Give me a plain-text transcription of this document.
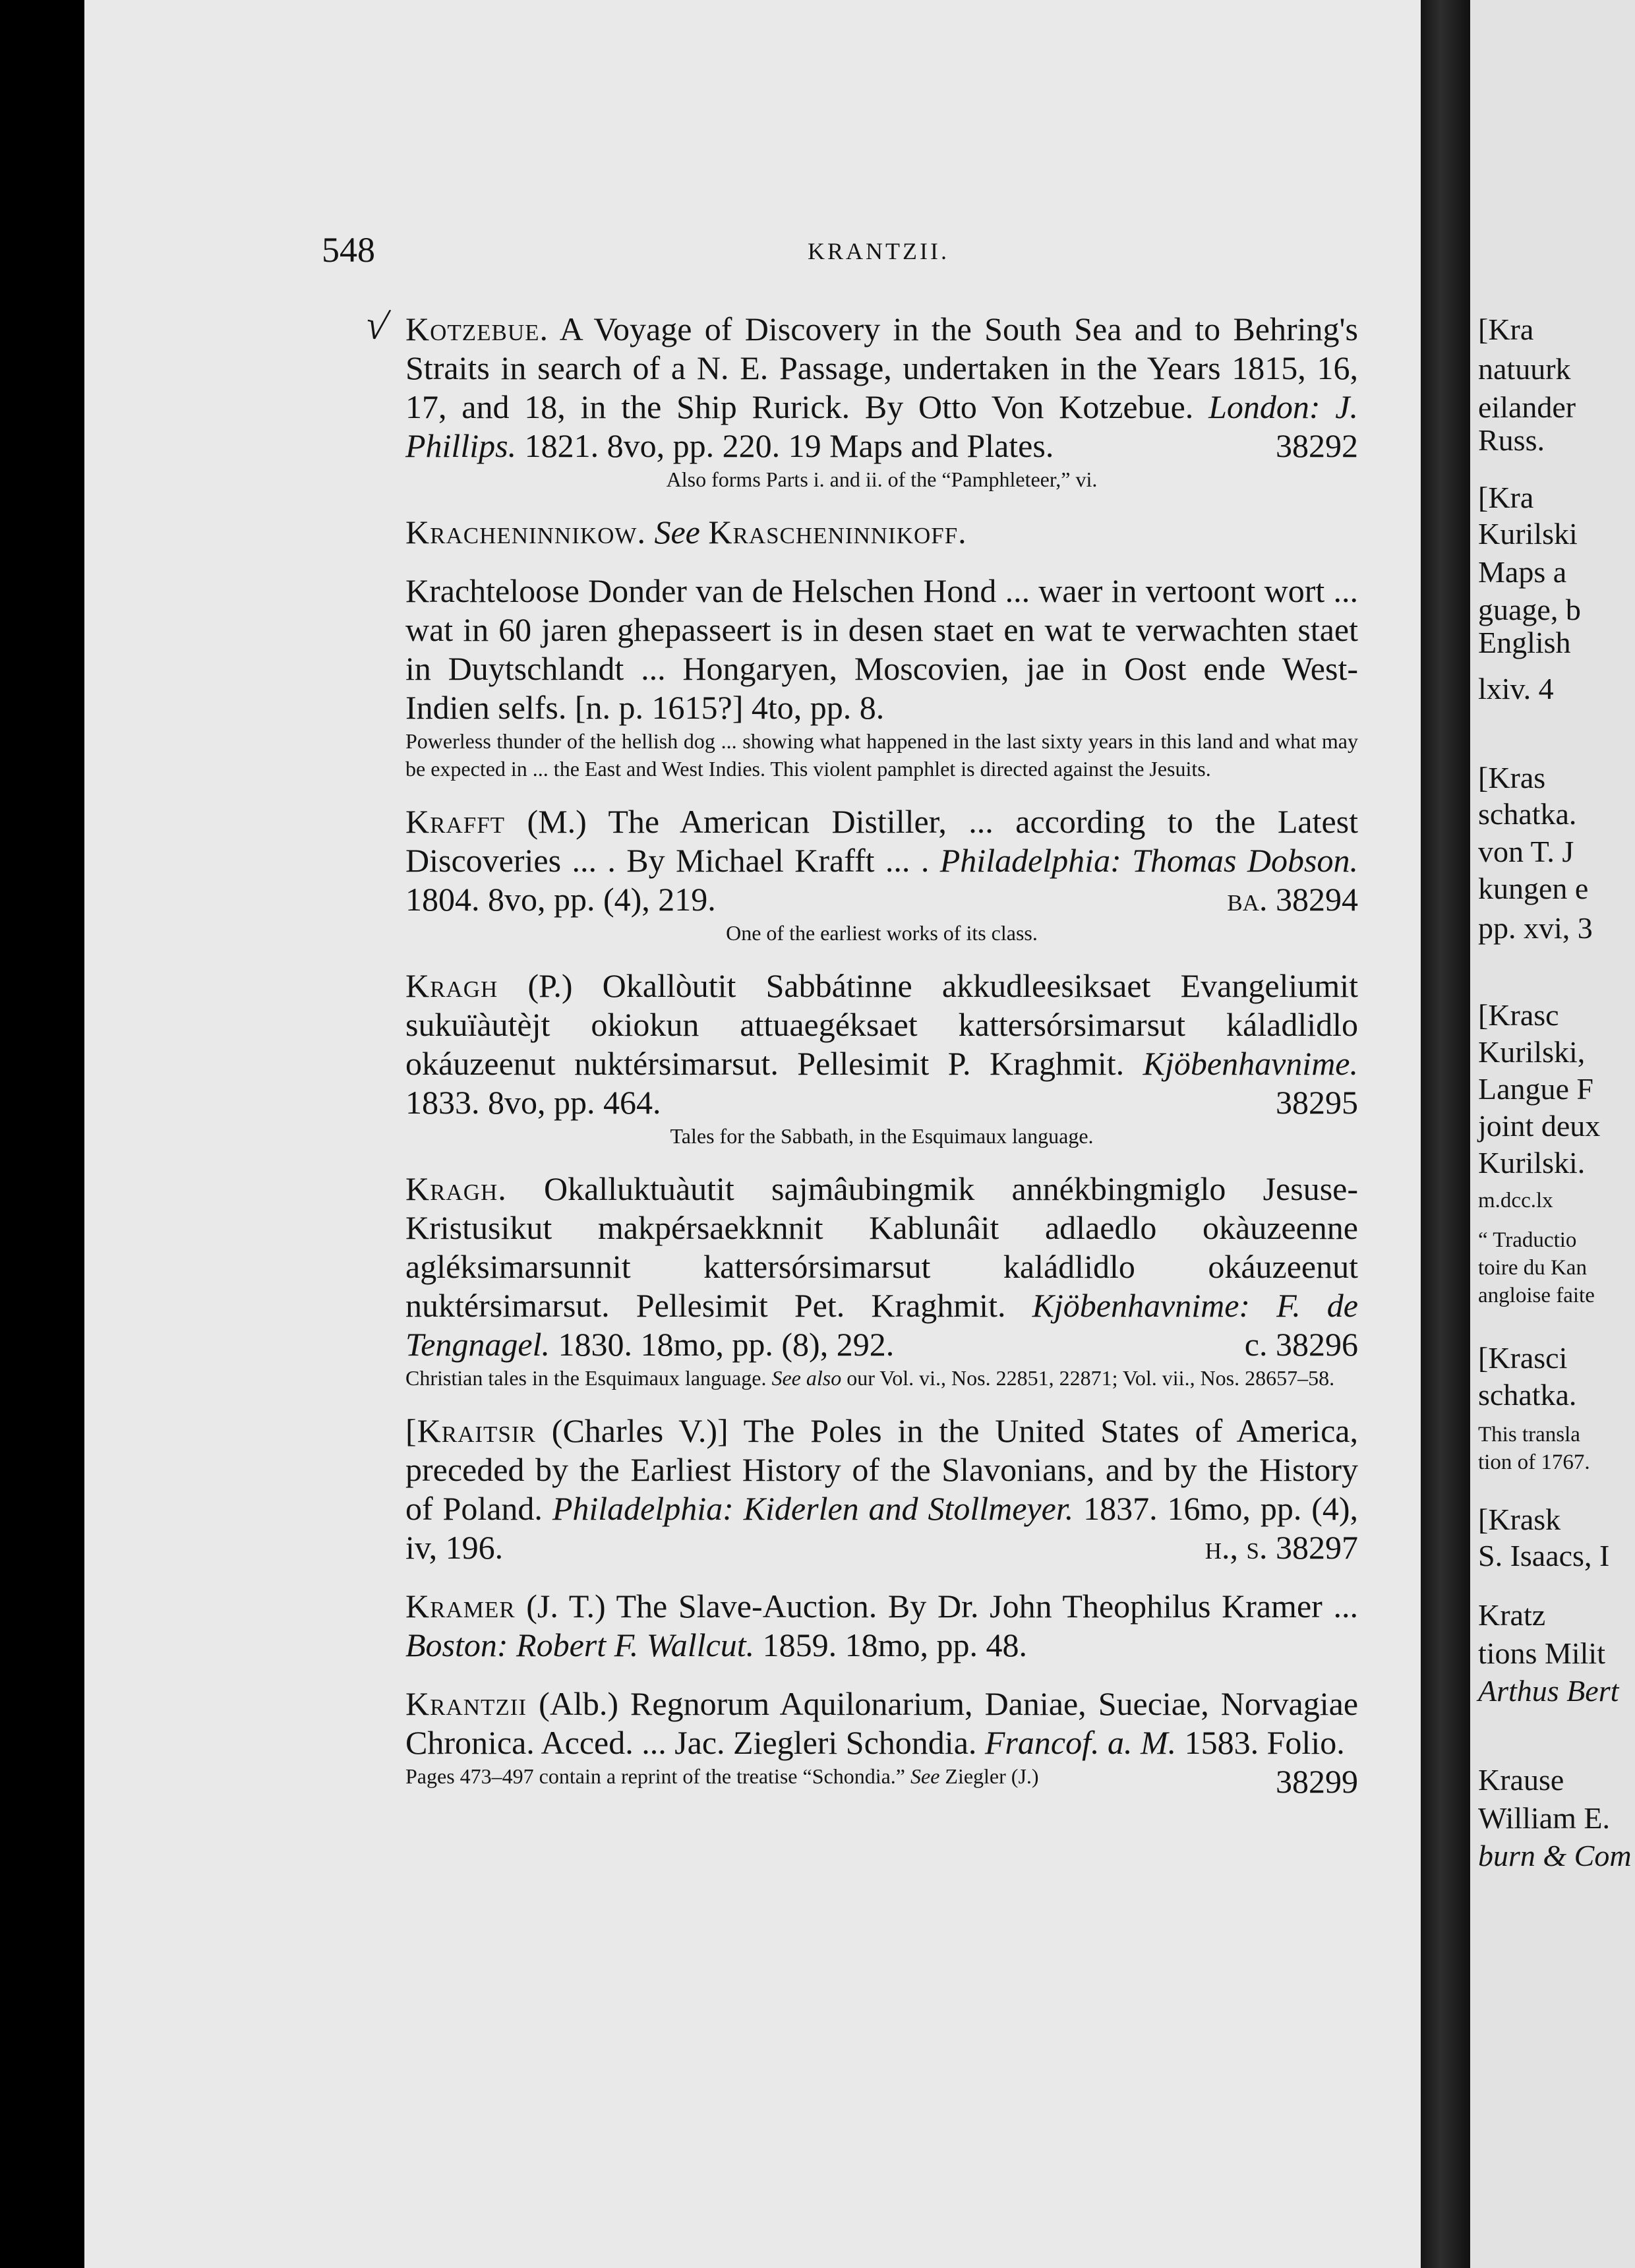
[Kra
natuurk
eilander
Russ.
[Kra
Kurilski
Maps a
guage, b
English
lxiv. 4
[Kras
schatka.
von T. J
kungen e
pp. xvi, 3
[Krasc
Kurilski,
Langue F
joint deux
Kurilski.
m.dcc.lx
“ Traductio
toire du Kan
angloise faite
[Krasci
schatka.
This transla
tion of 1767.
[Krask
S. Isaacs, I
Kratz
tions Milit
Arthus Bert
Krause
William E.
burn & Com
548	KRANTZII.
√ Kotzebue. A Voyage of Discovery in the South Sea and to Behring's Straits in search of a N. E. Passage, undertaken in the Years 1815, 16, 17, and 18, in the Ship Rurick. By Otto Von Kotzebue. London: J. Phillips. 1821. 8vo, pp. 220. 19 Maps and Plates.	38292

Also forms Parts i. and ii. of the “Pamphleteer,” vi.

Kracheninnikow. See Krascheninnikoff.

Krachteloose Donder van de Helschen Hond ... waer in vertoont wort ... wat in 60 jaren ghepasseert is in desen staet en wat te verwachten staet in Duytschlandt ... Hongaryen, Moscovien, jae in Oost ende West-Indien selfs. [n. p. 1615?] 4to, pp. 8.

Powerless thunder of the hellish dog ... showing what happened in the last sixty years in this land and what may be expected in ... the East and West Indies. This violent pamphlet is directed against the Jesuits.

Krafft (M.) The American Distiller, ... according to the Latest Discoveries ... . By Michael Krafft ... . Philadelphia: Thomas Dobson. 1804. 8vo, pp. (4), 219.	ba. 38294

One of the earliest works of its class.

Kragh (P.) Okallòutit Sabbátinne akkudleesiksaet Evangeliumit sukuïàutèjt okiokun attuaegéksaet kattersórsimarsut káladlidlo okáuzeenut nuktérsimarsut. Pellesimit P. Kraghmit. Kjöbenhavnime. 1833. 8vo, pp. 464.	38295

Tales for the Sabbath, in the Esquimaux language.

Kragh. Okalluktuàutit sajmâubingmik annékbingmiglo Jesuse-Kristusikut makpérsaekknnit Kablunâit adlaedlo okàuzeenne agléksimarsunnit kattersórsimarsut kaládlidlo okáuzeenut nuktérsimarsut. Pellesimit Pet. Kraghmit. Kjöbenhavnime: F. de Tengnagel. 1830. 18mo, pp. (8), 292.	c. 38296

Christian tales in the Esquimaux language. See also our Vol. vi., Nos. 22851, 22871; Vol. vii., Nos. 28657–58.

[Kraitsir (Charles V.)] The Poles in the United States of America, preceded by the Earliest History of the Slavonians, and by the History of Poland. Philadelphia: Kiderlen and Stollmeyer. 1837. 16mo, pp. (4), iv, 196.	h., s. 38297

Kramer (J. T.) The Slave-Auction. By Dr. John Theophilus Kramer ... Boston: Robert F. Wallcut. 1859. 18mo, pp. 48.

Krantzii (Alb.) Regnorum Aquilonarium, Daniae, Sueciae, Norvagiae Chronica. Acced. ... Jac. Ziegleri Schondia. Francof. a. M. 1583. Folio.
38299

Pages 473–497 contain a reprint of the treatise “Schondia.” See Ziegler (J.)
